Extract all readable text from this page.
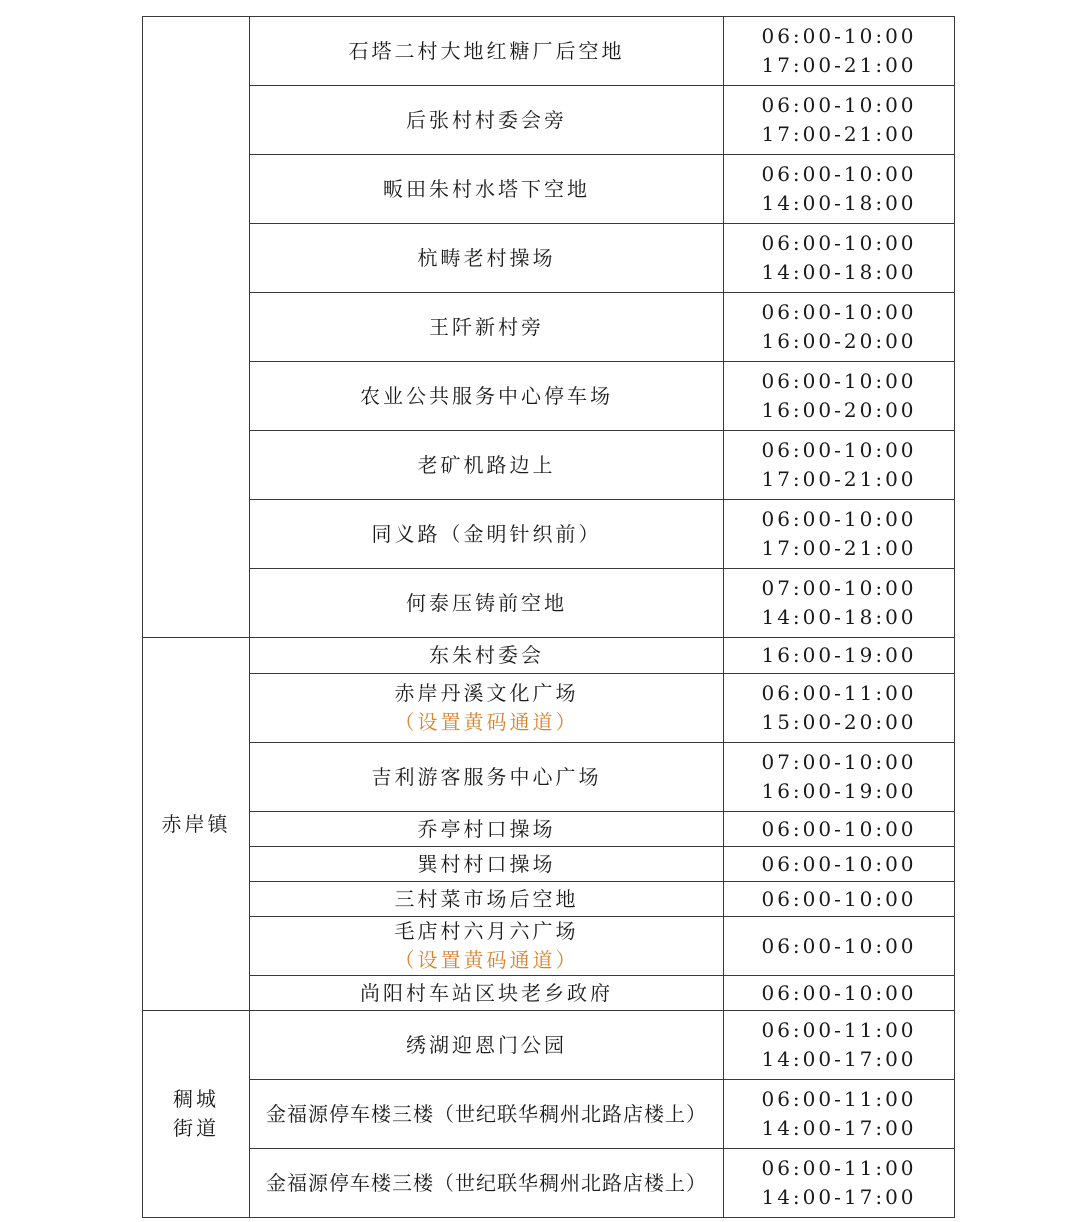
	石塔二村大地红糖厂后空地	06:00-10:00
17:00-21:00

	后张村村委会旁	06:00-10:00
17:00-21:00

	畈田朱村水塔下空地	06:00-10:00
14:00-18:00

	杭畴老村操场	06:00-10:00
14:00-18:00

	王阡新村旁	06:00-10:00
16:00-20:00

	农业公共服务中心停车场	06:00-10:00
16:00-20:00

	老矿机路边上	06:00-10:00
17:00-21:00

	同义路（金明针织前）	06:00-10:00
17:00-21:00

	何泰压铸前空地	07:00-10:00
14:00-18:00

赤岸镇	东朱村委会	16:00-19:00

	赤岸丹溪文化广场
（设置黄码通道）	06:00-11:00
15:00-20:00

	吉利游客服务中心广场	07:00-10:00
16:00-19:00

	乔亭村口操场	06:00-10:00

	巽村村口操场	06:00-10:00

	三村菜市场后空地	06:00-10:00

	毛店村六月六广场
（设置黄码通道）	06:00-10:00

	尚阳村车站区块老乡政府	06:00-10:00

稠城
街道	绣湖迎恩门公园	06:00-11:00
14:00-17:00

	金福源停车楼三楼（世纪联华稠州北路店楼上）	06:00-11:00
14:00-17:00

	金福源停车楼三楼（世纪联华稠州北路店楼上）	06:00-11:00
14:00-17:00
